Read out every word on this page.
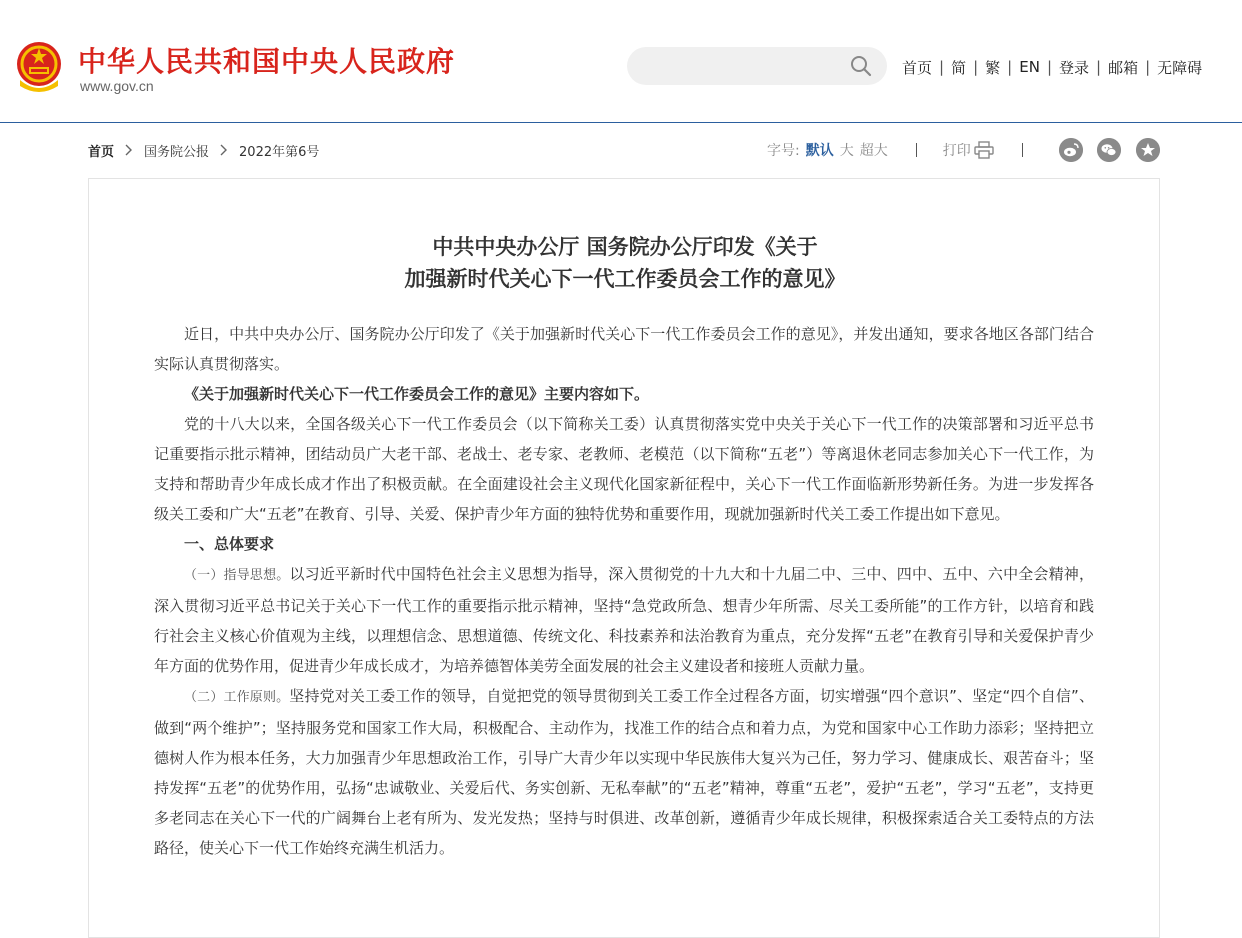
中华人民共和国中央人民政府
www.gov.cn
首页 | 简 | 繁 | EN | 登录 | 邮箱 | 无障碍
首页 国务院公报 2022年第6号	字号: 默认 大 超大	打印
中共中央办公厅 国务院办公厅印发《关于
加强新时代关心下一代工作委员会工作的意见》

近日，中共中央办公厅、国务院办公厅印发了《关于加强新时代关心下一代工作委员会工作的意见》，并发出通知，要求各地区各部门结合实际认真贯彻落实。

《关于加强新时代关心下一代工作委员会工作的意见》主要内容如下。

党的十八大以来，全国各级关心下一代工作委员会（以下简称关工委）认真贯彻落实党中央关于关心下一代工作的决策部署和习近平总书记重要指示批示精神，团结动员广大老干部、老战士、老专家、老教师、老模范（以下简称“五老”）等离退休老同志参加关心下一代工作，为支持和帮助青少年成长成才作出了积极贡献。在全面建设社会主义现代化国家新征程中，关心下一代工作面临新形势新任务。为进一步发挥各级关工委和广大“五老”在教育、引导、关爱、保护青少年方面的独特优势和重要作用，现就加强新时代关工委工作提出如下意见。

一、总体要求

（一）指导思想。以习近平新时代中国特色社会主义思想为指导，深入贯彻党的十九大和十九届二中、三中、四中、五中、六中全会精神，深入贯彻习近平总书记关于关心下一代工作的重要指示批示精神，坚持“急党政所急、想青少年所需、尽关工委所能”的工作方针，以培育和践行社会主义核心价值观为主线，以理想信念、思想道德、传统文化、科技素养和法治教育为重点，充分发挥“五老”在教育引导和关爱保护青少年方面的优势作用，促进青少年成长成才，为培养德智体美劳全面发展的社会主义建设者和接班人贡献力量。

（二）工作原则。坚持党对关工委工作的领导，自觉把党的领导贯彻到关工委工作全过程各方面，切实增强“四个意识”、坚定“四个自信”、做到“两个维护”；坚持服务党和国家工作大局，积极配合、主动作为，找准工作的结合点和着力点，为党和国家中心工作助力添彩；坚持把立德树人作为根本任务，大力加强青少年思想政治工作，引导广大青少年以实现中华民族伟大复兴为己任，努力学习、健康成长、艰苦奋斗；坚持发挥“五老”的优势作用，弘扬“忠诚敬业、关爱后代、务实创新、无私奉献”的“五老”精神，尊重“五老”，爱护“五老”，学习“五老”，支持更多老同志在关心下一代的广阔舞台上老有所为、发光发热；坚持与时俱进、改革创新，遵循青少年成长规律，积极探索适合关工委特点的方法路径，使关心下一代工作始终充满生机活力。
